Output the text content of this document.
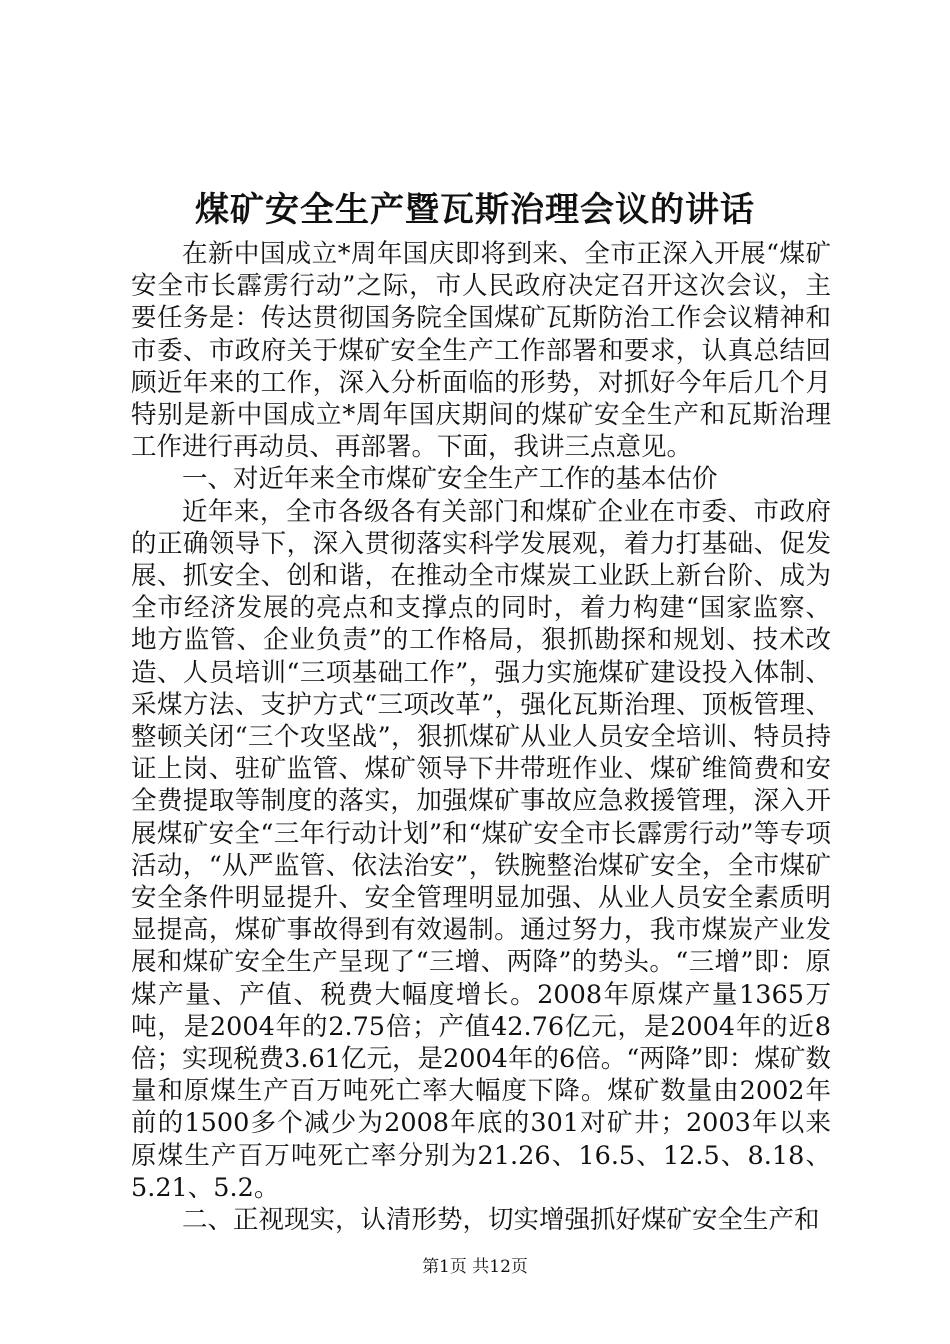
煤矿安全生产暨瓦斯治理会议的讲话

在新中国成立*周年国庆即将到来、全市正深入开展“煤矿安全市长霹雳行动”之际，市人民政府决定召开这次会议，主要任务是：传达贯彻国务院全国煤矿瓦斯防治工作会议精神和市委、市政府关于煤矿安全生产工作部署和要求，认真总结回顾近年来的工作，深入分析面临的形势，对抓好今年后几个月特别是新中国成立*周年国庆期间的煤矿安全生产和瓦斯治理工作进行再动员、再部署。下面，我讲三点意见。

一、对近年来全市煤矿安全生产工作的基本估价

近年来，全市各级各有关部门和煤矿企业在市委、市政府的正确领导下，深入贯彻落实科学发展观，着力打基础、促发展、抓安全、创和谐，在推动全市煤炭工业跃上新台阶、成为全市经济发展的亮点和支撑点的同时，着力构建“国家监察、地方监管、企业负责”的工作格局，狠抓勘探和规划、技术改造、人员培训“三项基础工作”，强力实施煤矿建设投入体制、采煤方法、支护方式“三项改革”，强化瓦斯治理、顶板管理、整顿关闭“三个攻坚战”，狠抓煤矿从业人员安全培训、特员持证上岗、驻矿监管、煤矿领导下井带班作业、煤矿维简费和安全费提取等制度的落实，加强煤矿事故应急救援管理，深入开展煤矿安全“三年行动计划”和“煤矿安全市长霹雳行动”等专项活动，“从严监管、依法治安”，铁腕整治煤矿安全，全市煤矿安全条件明显提升、安全管理明显加强、从业人员安全素质明显提高，煤矿事故得到有效遏制。通过努力，我市煤炭产业发展和煤矿安全生产呈现了“三增、两降”的势头。“三增”即：原煤产量、产值、税费大幅度增长。2008年原煤产量1365万吨，是2004年的2.75倍；产值42.76亿元，是2004年的近8倍；实现税费3.61亿元，是2004年的6倍。“两降”即：煤矿数量和原煤生产百万吨死亡率大幅度下降。煤矿数量由2002年前的1500多个减少为2008年底的301对矿井；2003年以来原煤生产百万吨死亡率分别为21.26、16.5、12.5、8.18、5.21、5.2。

二、正视现实，认清形势，切实增强抓好煤矿安全生产和

第1页 共12页
